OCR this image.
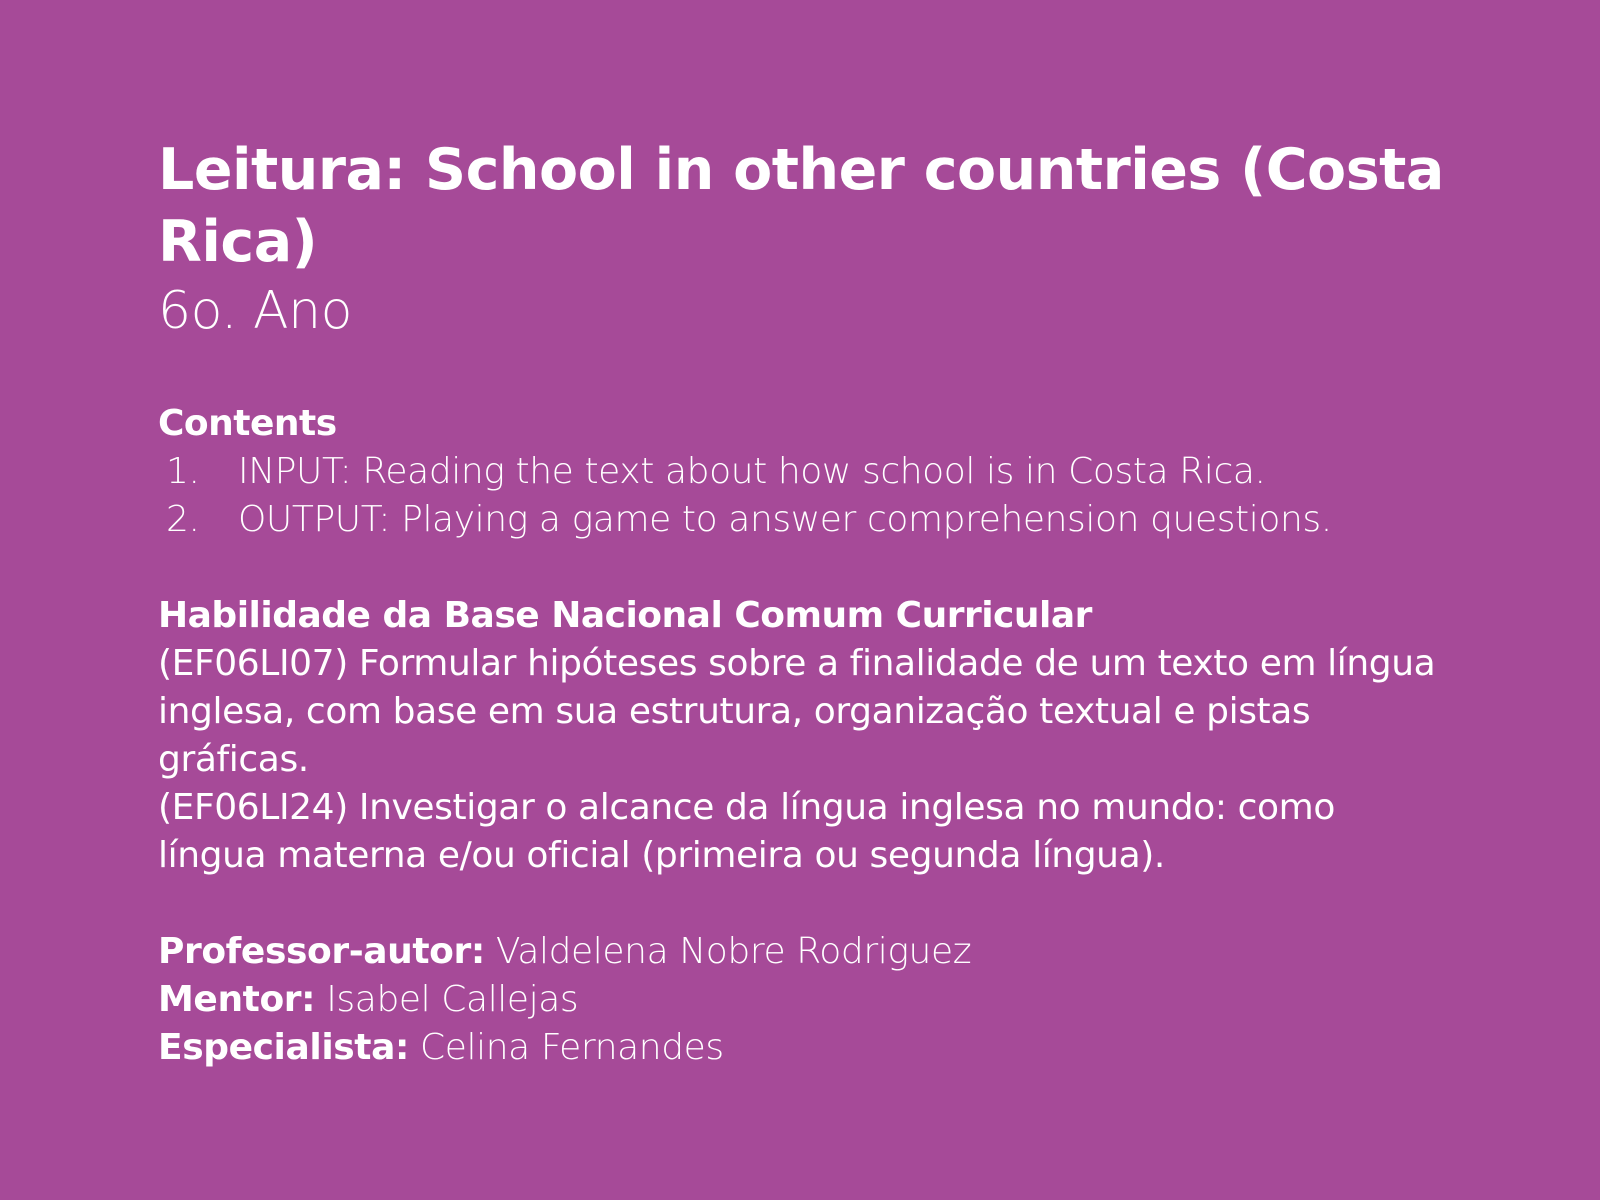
Leitura: School in other countries (Costa Rica)
6o. Ano
Contents
1.	INPUT: Reading the text about how school is in Costa Rica.
2.	OUTPUT: Playing a game to answer comprehension questions.
Habilidade da Base Nacional Comum Curricular

(EF06LI07) Formular hipóteses sobre a finalidade de um texto em língua inglesa, com base em sua estrutura, organização textual e pistas gráficas.

(EF06LI24) Investigar o alcance da língua inglesa no mundo: como língua materna e/ou oficial (primeira ou segunda língua).

Professor-autor: Valdelena Nobre Rodriguez

Mentor: Isabel Callejas

Especialista: Celina Fernandes
